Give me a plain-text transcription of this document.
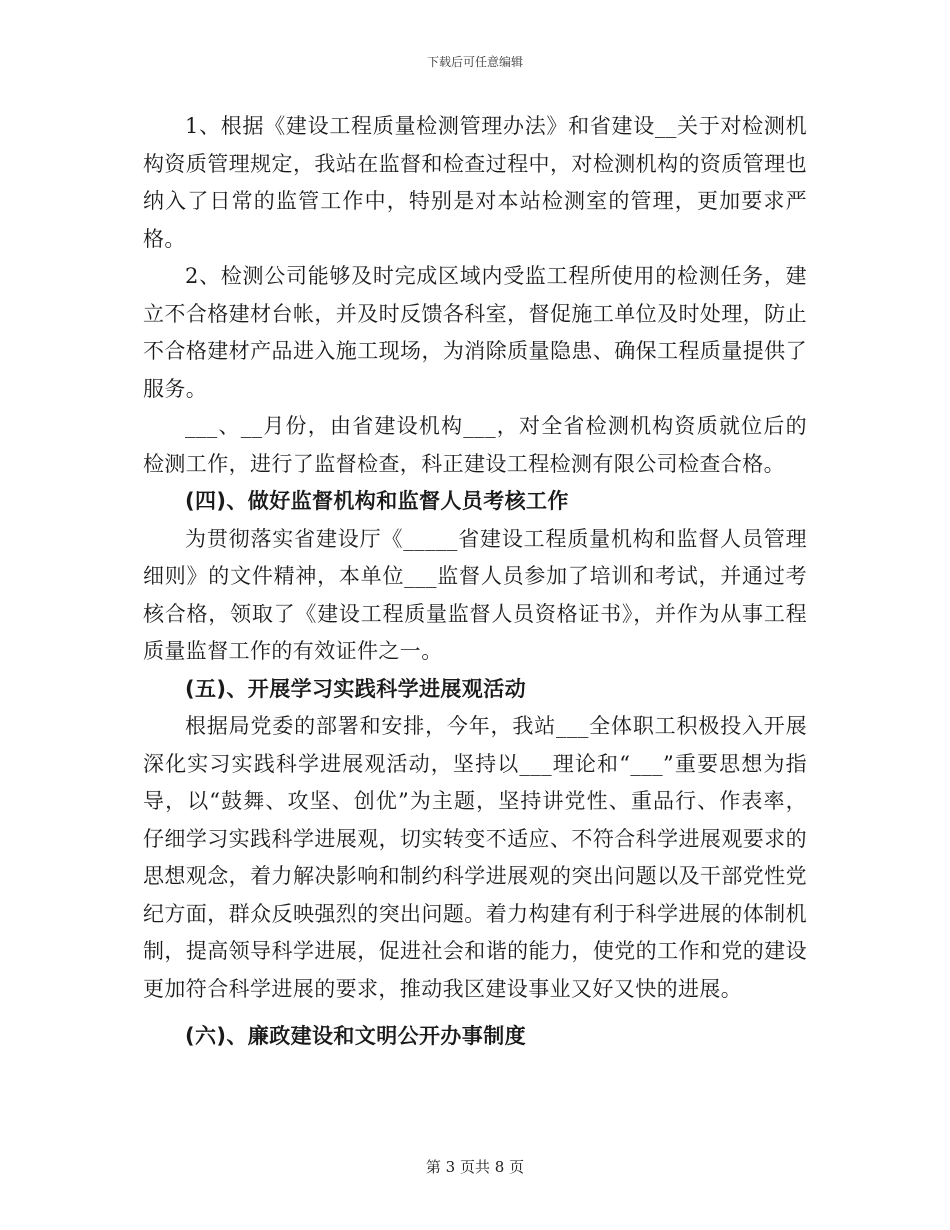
下载后可任意编辑

1、根据《建设工程质量检测管理办法》和省建设__关于对检测机构资质管理规定，我站在监督和检查过程中，对检测机构的资质管理也纳入了日常的监管工作中，特别是对本站检测室的管理，更加要求严格。

2、检测公司能够及时完成区域内受监工程所使用的检测任务，建立不合格建材台帐，并及时反馈各科室，督促施工单位及时处理，防止不合格建材产品进入施工现场，为消除质量隐患、确保工程质量提供了服务。

___、__月份，由省建设机构___，对全省检测机构资质就位后的检测工作，进行了监督检查，科正建设工程检测有限公司检查合格。

(四)、做好监督机构和监督人员考核工作

为贯彻落实省建设厅《_____省建设工程质量机构和监督人员管理细则》的文件精神，本单位___监督人员参加了培训和考试，并通过考核合格，领取了《建设工程质量监督人员资格证书》，并作为从事工程质量监督工作的有效证件之一。

(五)、开展学习实践科学进展观活动

根据局党委的部署和安排，今年，我站___全体职工积极投入开展深化实习实践科学进展观活动，坚持以___理论和“___”重要思想为指导，以“鼓舞、攻坚、创优”为主题，坚持讲党性、重品行、作表率，仔细学习实践科学进展观，切实转变不适应、不符合科学进展观要求的思想观念，着力解决影响和制约科学进展观的突出问题以及干部党性党纪方面，群众反映强烈的突出问题。着力构建有利于科学进展的体制机制，提高领导科学进展，促进社会和谐的能力，使党的工作和党的建设更加符合科学进展的要求，推动我区建设事业又好又快的进展。

(六)、廉政建设和文明公开办事制度

第 3 页共 8 页
